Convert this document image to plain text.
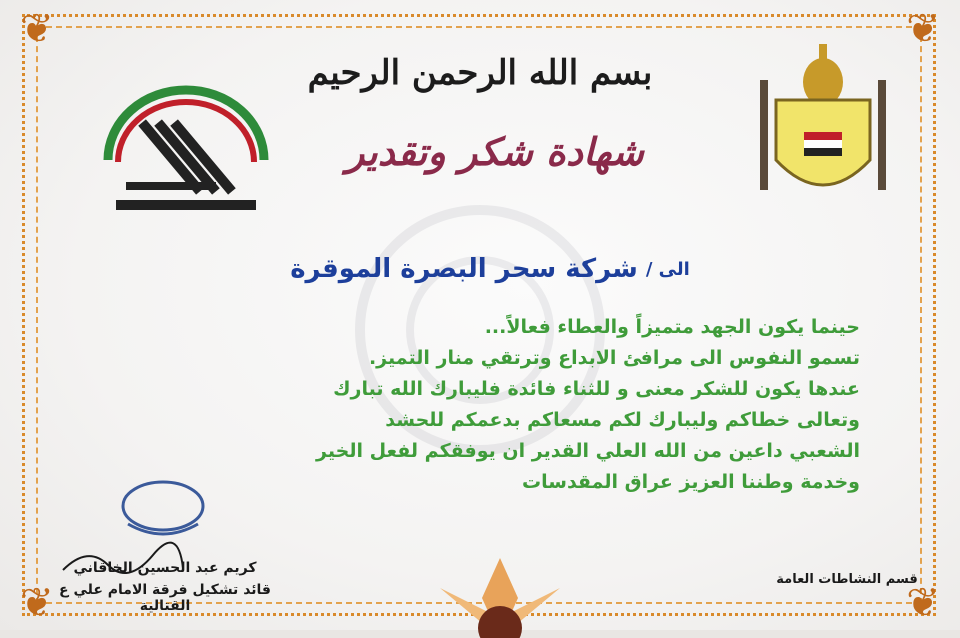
❦	❦
❦	❦
بسم الله الرحمن الرحيم
شهادة شكر وتقدير
الى /
شركة سحر البصرة الموقرة
حينما يكون الجهد متميزاً والعطاء فعالاً...
تسمو النفوس الى مرافئ الابداع وترتقي منار التميز.
عندها يكون للشكر معنى و للثناء فائدة فليبارك الله تبارك
وتعالى خطاكم وليبارك لكم مسعاكم بدعمكم للحشد
الشعبي داعين من الله العلي القدير ان يوفقكم لفعل الخير
وخدمة وطننا العزيز عراق المقدسات
كريم عبد الحسين الخاقاني
قائد تشكيل فرقة الامام علي ع القتالية
قسم النشاطات العامة
